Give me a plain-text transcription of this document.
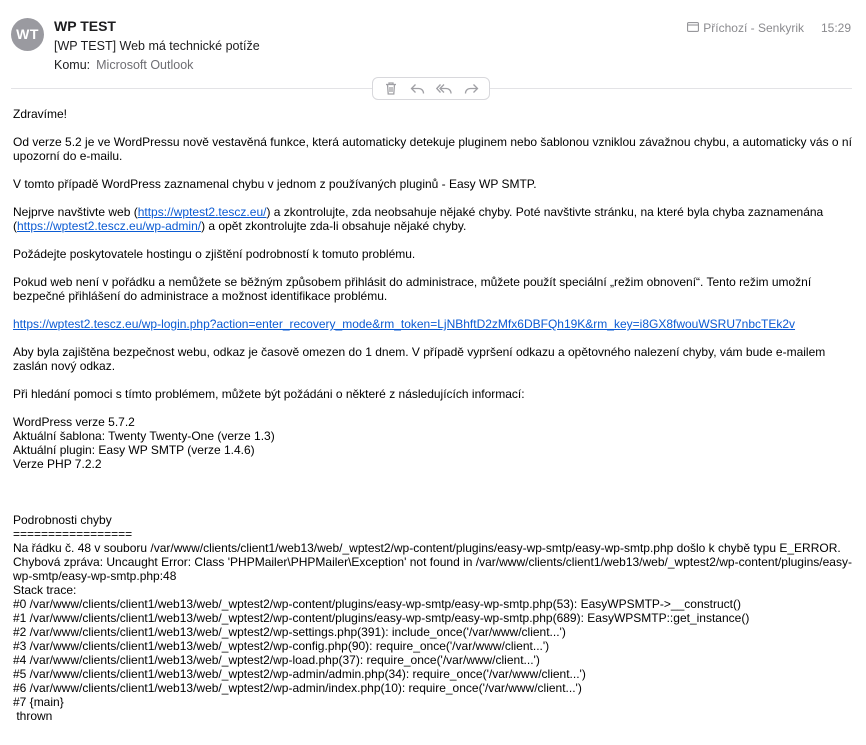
WT	WP TEST
[WP TEST] Web má technické potíže
Komu: Microsoft Outlook
Příchozí - Senkyrik 15:29

Zdravíme!

Od verze 5.2 je ve WordPressu nově vestavěná funkce, která automaticky detekuje pluginem nebo šablonou vzniklou závažnou chybu, a automaticky vás o ní upozorní do e-mailu.

V tomto případě WordPress zaznamenal chybu v jednom z používaných pluginů - Easy WP SMTP.

Nejprve navštivte web (https://wptest2.tescz.eu/) a zkontrolujte, zda neobsahuje nějaké chyby. Poté navštivte stránku, na které byla chyba zaznamenána (https://wptest2.tescz.eu/wp-admin/) a opět zkontrolujte zda-li obsahuje nějaké chyby.

Požádejte poskytovatele hostingu o zjištění podrobností k tomuto problému.

Pokud web není v pořádku a nemůžete se běžným způsobem přihlásit do administrace, můžete použít speciální „režim obnovení“. Tento režim umožní bezpečné přihlášení do administrace a možnost identifikace problému.

https://wptest2.tescz.eu/wp-login.php?action=enter_recovery_mode&rm_token=LjNBhftD2zMfx6DBFQh19K&rm_key=i8GX8fwouWSRU7nbcTEk2v

Aby byla zajištěna bezpečnost webu, odkaz je časově omezen do 1 dnem. V případě vypršení odkazu a opětovného nalezení chyby, vám bude e-mailem zaslán nový odkaz.

Při hledání pomoci s tímto problémem, můžete být požádáni o některé z následujících informací:

WordPress verze 5.7.2
Aktuální šablona: Twenty Twenty-One (verze 1.3)
Aktuální plugin: Easy WP SMTP (verze 1.4.6)
Verze PHP 7.2.2
Podrobnosti chyby
=================
Na řádku č. 48 v souboru /var/www/clients/client1/web13/web/_wptest2/wp-content/plugins/easy-wp-smtp/easy-wp-smtp.php došlo k chybě typu E_ERROR. Chybová zpráva: Uncaught Error: Class 'PHPMailer\PHPMailer\Exception' not found in /var/www/clients/client1/web13/web/_wptest2/wp-content/plugins/easy-wp-smtp/easy-wp-smtp.php:48
Stack trace:
#0 /var/www/clients/client1/web13/web/_wptest2/wp-content/plugins/easy-wp-smtp/easy-wp-smtp.php(53): EasyWPSMTP->__construct()
#1 /var/www/clients/client1/web13/web/_wptest2/wp-content/plugins/easy-wp-smtp/easy-wp-smtp.php(689): EasyWPSMTP::get_instance()
#2 /var/www/clients/client1/web13/web/_wptest2/wp-settings.php(391): include_once('/var/www/client...')
#3 /var/www/clients/client1/web13/web/_wptest2/wp-config.php(90): require_once('/var/www/client...')
#4 /var/www/clients/client1/web13/web/_wptest2/wp-load.php(37): require_once('/var/www/client...')
#5 /var/www/clients/client1/web13/web/_wptest2/wp-admin/admin.php(34): require_once('/var/www/client...')
#6 /var/www/clients/client1/web13/web/_wptest2/wp-admin/index.php(10): require_once('/var/www/client...')
#7 {main}
thrown
